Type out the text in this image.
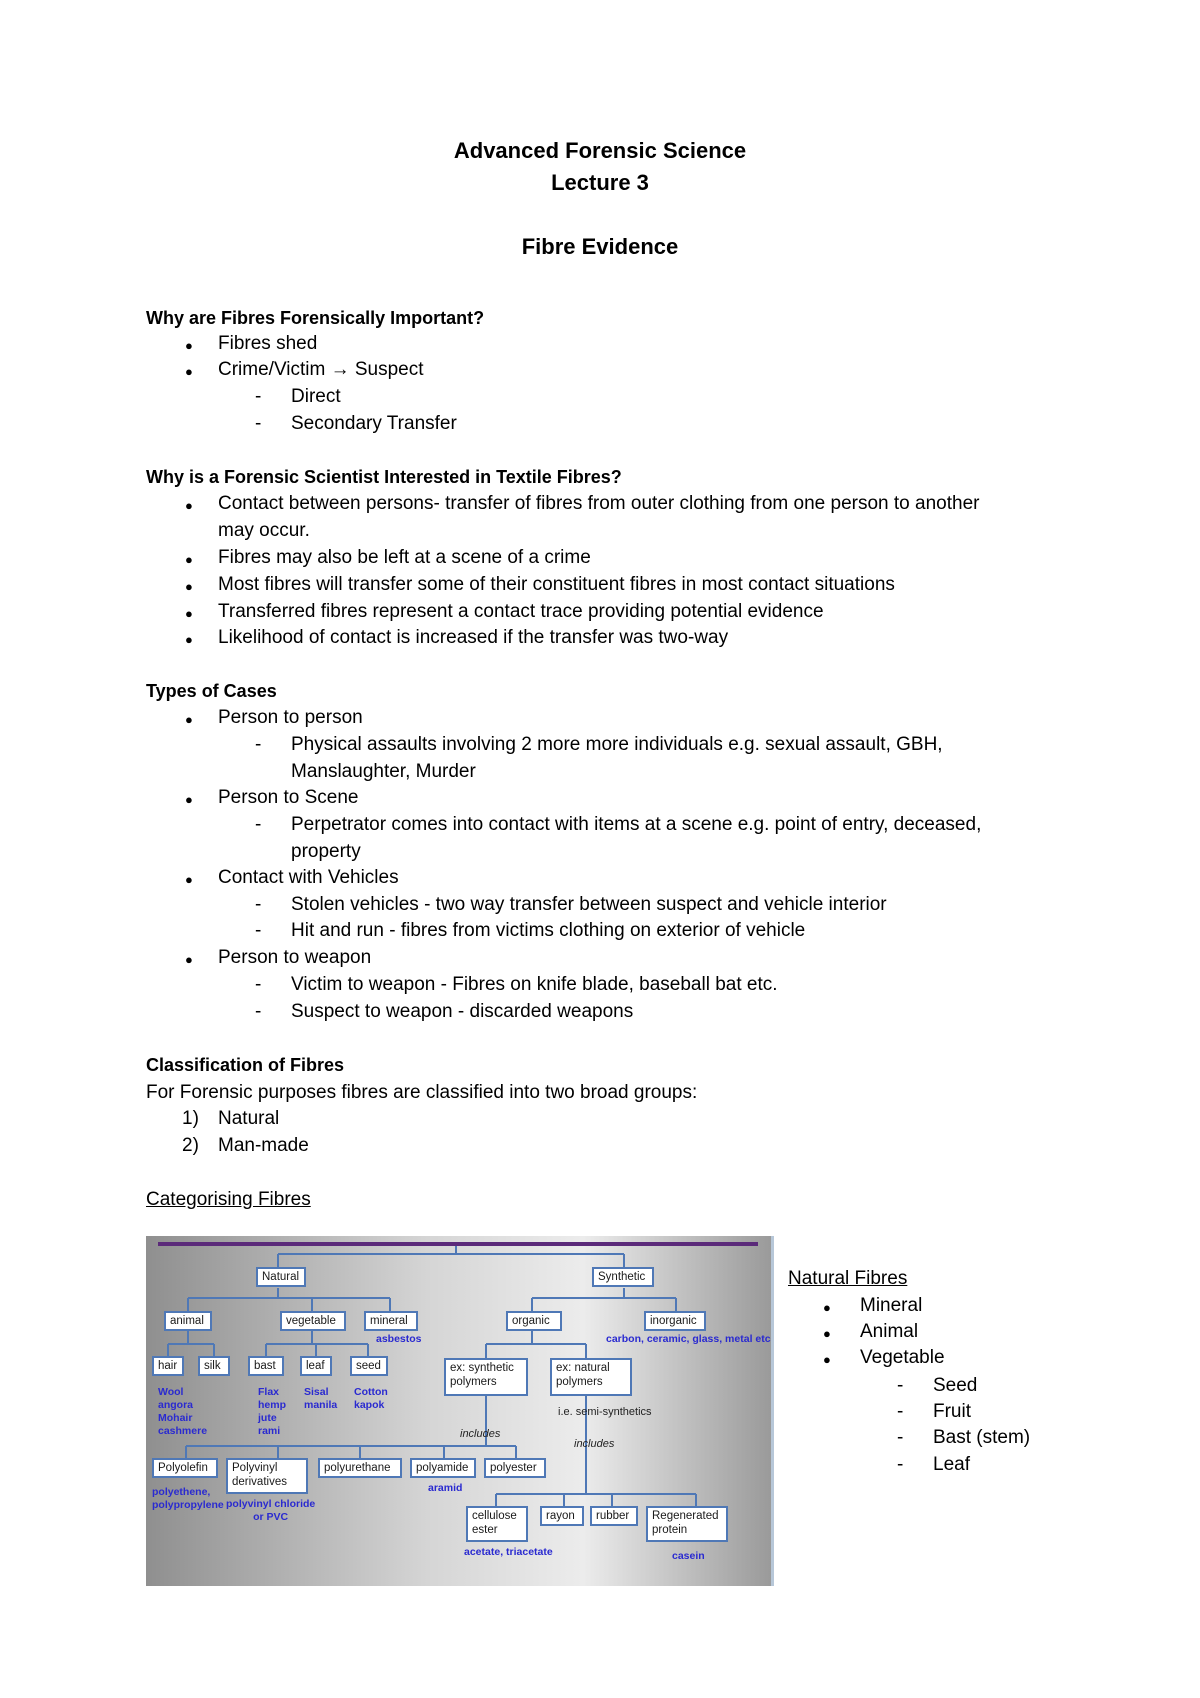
Advanced Forensic Science
Lecture 3
Fibre Evidence
Why are Fibres Forensically Important?
● Fibres shed
● Crime/Victim → Suspect
- Direct
- Secondary Transfer
Why is a Forensic Scientist Interested in Textile Fibres?
● Contact between persons- transfer of fibres from outer clothing from one person to another
may occur.
● Fibres may also be left at a scene of a crime
● Most fibres will transfer some of their constituent fibres in most contact situations
● Transferred fibres represent a contact trace providing potential evidence
● Likelihood of contact is increased if the transfer was two-way
Types of Cases
● Person to person
- Physical assaults involving 2 more more individuals e.g. sexual assault, GBH,
Manslaughter, Murder
● Person to Scene
- Perpetrator comes into contact with items at a scene e.g. point of entry, deceased,
property
● Contact with Vehicles
- Stolen vehicles - two way transfer between suspect and vehicle interior
- Hit and run - fibres from victims clothing on exterior of vehicle
● Person to weapon
- Victim to weapon - Fibres on knife blade, baseball bat etc.
- Suspect to weapon - discarded weapons
Classification of Fibres
For Forensic purposes fibres are classified into two broad groups:
1) Natural
2) Man-made
Categorising Fibres
Natural Fibres
● Mineral
● Animal
● Vegetable
- Seed
- Fruit
- Bast (stem)
- Leaf
Natural	Synthetic
animal	vegetable	mineral	organic	inorganic
asbestos	carbon, ceramic, glass, metal etc
hair	silk	bast	leaf	seed
Wool
angora
Mohair
cashmere
Flax
hemp
jute
rami
Sisal
manila
Cotton
kapok
ex: synthetic polymers
ex: natural polymers
includes
i.e. semi-synthetics
includes
Polyolefin	Polyvinyl derivatives
polyurethane	polyamide	polyester
polyethene,
polypropylene polyvinyl chloride
or PVC
aramid
cellulose ester
rayon	rubber	Regenerated protein
acetate, triacetate	casein
